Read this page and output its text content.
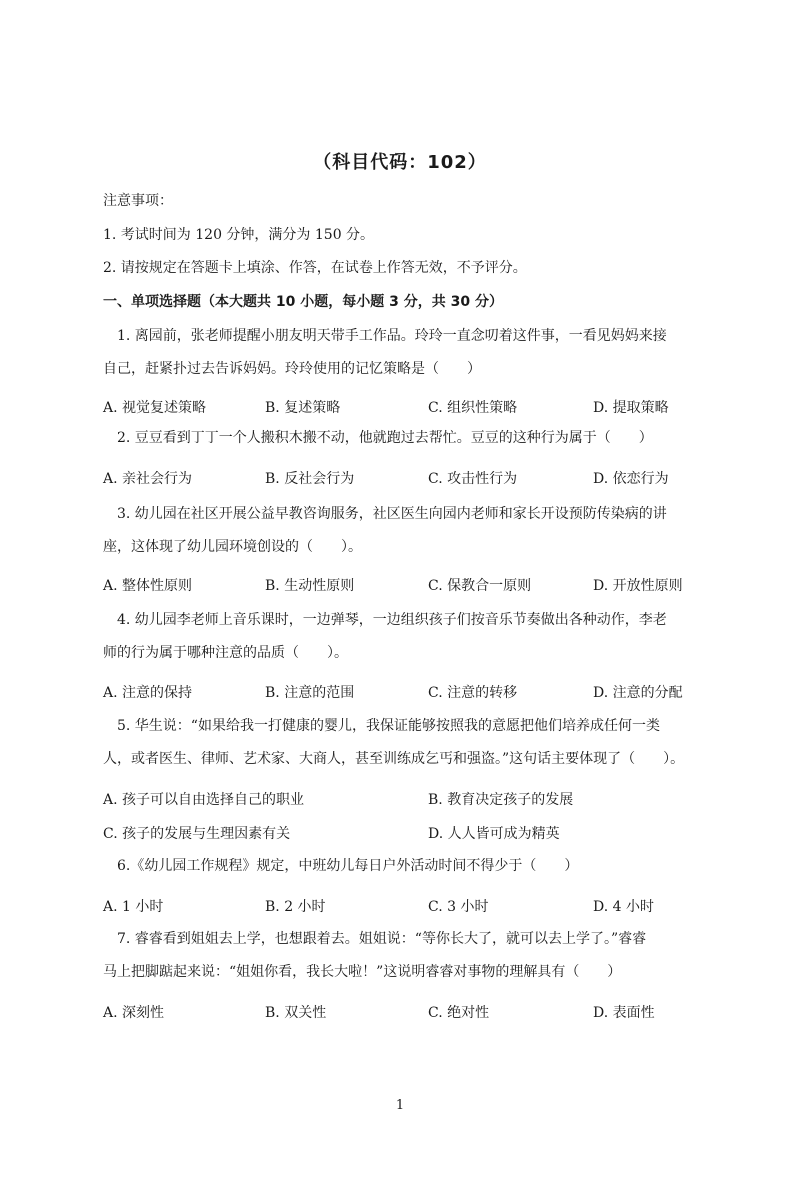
（科目代码：102）
注意事项：
1. 考试时间为 120 分钟，满分为 150 分。
2. 请按规定在答题卡上填涂、作答，在试卷上作答无效，不予评分。
一、单项选择题（本大题共 10 小题，每小题 3 分，共 30 分）
1. 离园前，张老师提醒小朋友明天带手工作品。玲玲一直念叨着这件事，一看见妈妈来接
自己，赶紧扑过去告诉妈妈。玲玲使用的记忆策略是（　　）
A. 视觉复述策略	B. 复述策略	C. 组织性策略	D. 提取策略
2. 豆豆看到丁丁一个人搬积木搬不动，他就跑过去帮忙。豆豆的这种行为属于（　　）
A. 亲社会行为	B. 反社会行为	C. 攻击性行为	D. 依恋行为
3. 幼儿园在社区开展公益早教咨询服务，社区医生向园内老师和家长开设预防传染病的讲
座，这体现了幼儿园环境创设的（　　）。
A. 整体性原则	B. 生动性原则	C. 保教合一原则	D. 开放性原则
4. 幼儿园李老师上音乐课时，一边弹琴，一边组织孩子们按音乐节奏做出各种动作，李老
师的行为属于哪种注意的品质（　　）。
A. 注意的保持	B. 注意的范围	C. 注意的转移	D. 注意的分配
5. 华生说：“如果给我一打健康的婴儿，我保证能够按照我的意愿把他们培养成任何一类
人，或者医生、律师、艺术家、大商人，甚至训练成乞丐和强盗。”这句话主要体现了（　　）。
A. 孩子可以自由选择自己的职业	B. 教育决定孩子的发展
C. 孩子的发展与生理因素有关	D. 人人皆可成为精英
6.《幼儿园工作规程》规定，中班幼儿每日户外活动时间不得少于（　　）
A. 1 小时	B. 2 小时	C. 3 小时	D. 4 小时
7. 睿睿看到姐姐去上学，也想跟着去。姐姐说：“等你长大了，就可以去上学了。”睿睿
马上把脚踮起来说：“姐姐你看，我长大啦！”这说明睿睿对事物的理解具有（　　）
A. 深刻性	B. 双关性	C. 绝对性	D. 表面性
1
